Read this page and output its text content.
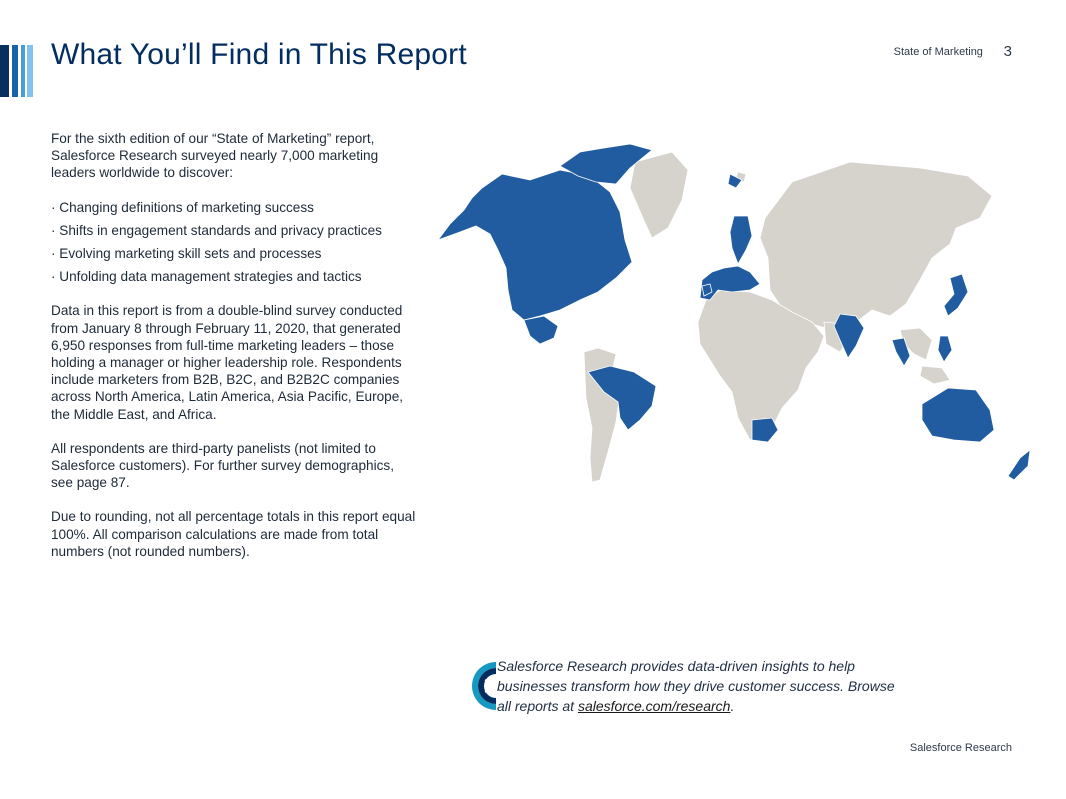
What You’ll Find in This Report	State of Marketing	3

For the sixth edition of our “State of Marketing” report, Salesforce Research surveyed nearly 7,000 marketing leaders worldwide to discover:

· Changing definitions of marketing success
· Shifts in engagement standards and privacy practices
· Evolving marketing skill sets and processes
· Unfolding data management strategies and tactics

Data in this report is from a double-blind survey conducted from January 8 through February 11, 2020, that generated 6,950 responses from full-time marketing leaders – those holding a manager or higher leadership role. Respondents include marketers from B2B, B2C, and B2B2C companies across North America, Latin America, Asia Pacific, Europe, the Middle East, and Africa.

All respondents are third-party panelists (not limited to Salesforce customers). For further survey demographics, see page 87.

Due to rounding, not all percentage totals in this report equal 100%. All comparison calculations are made from total numbers (not rounded numbers).

Salesforce Research provides data-driven insights to help businesses transform how they drive customer success. Browse all reports at salesforce.com/research.
Salesforce Research
